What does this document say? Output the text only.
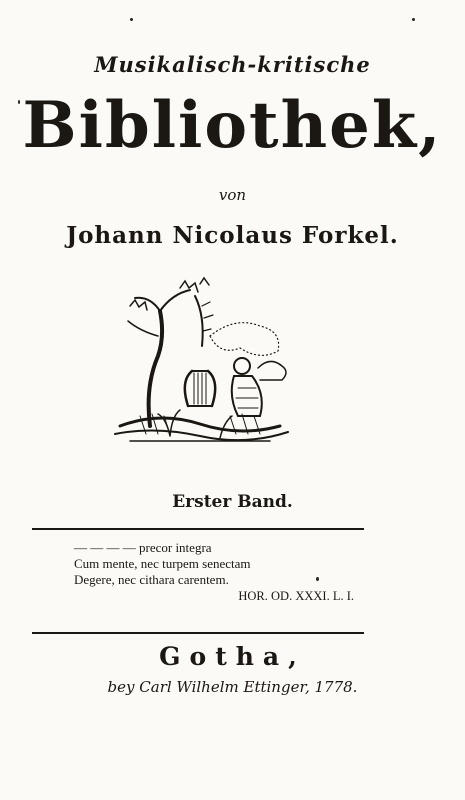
Musikalisch-kritische
Bibliothek,
von
Johann Nicolaus Forkel.
Erster Band.
— — — — precor integra
Cum mente, nec turpem senectam
Degere, nec cithara carentem.
HOR. OD. XXXI. L. I.
Gotha,
bey Carl Wilhelm Ettinger, 1778.
